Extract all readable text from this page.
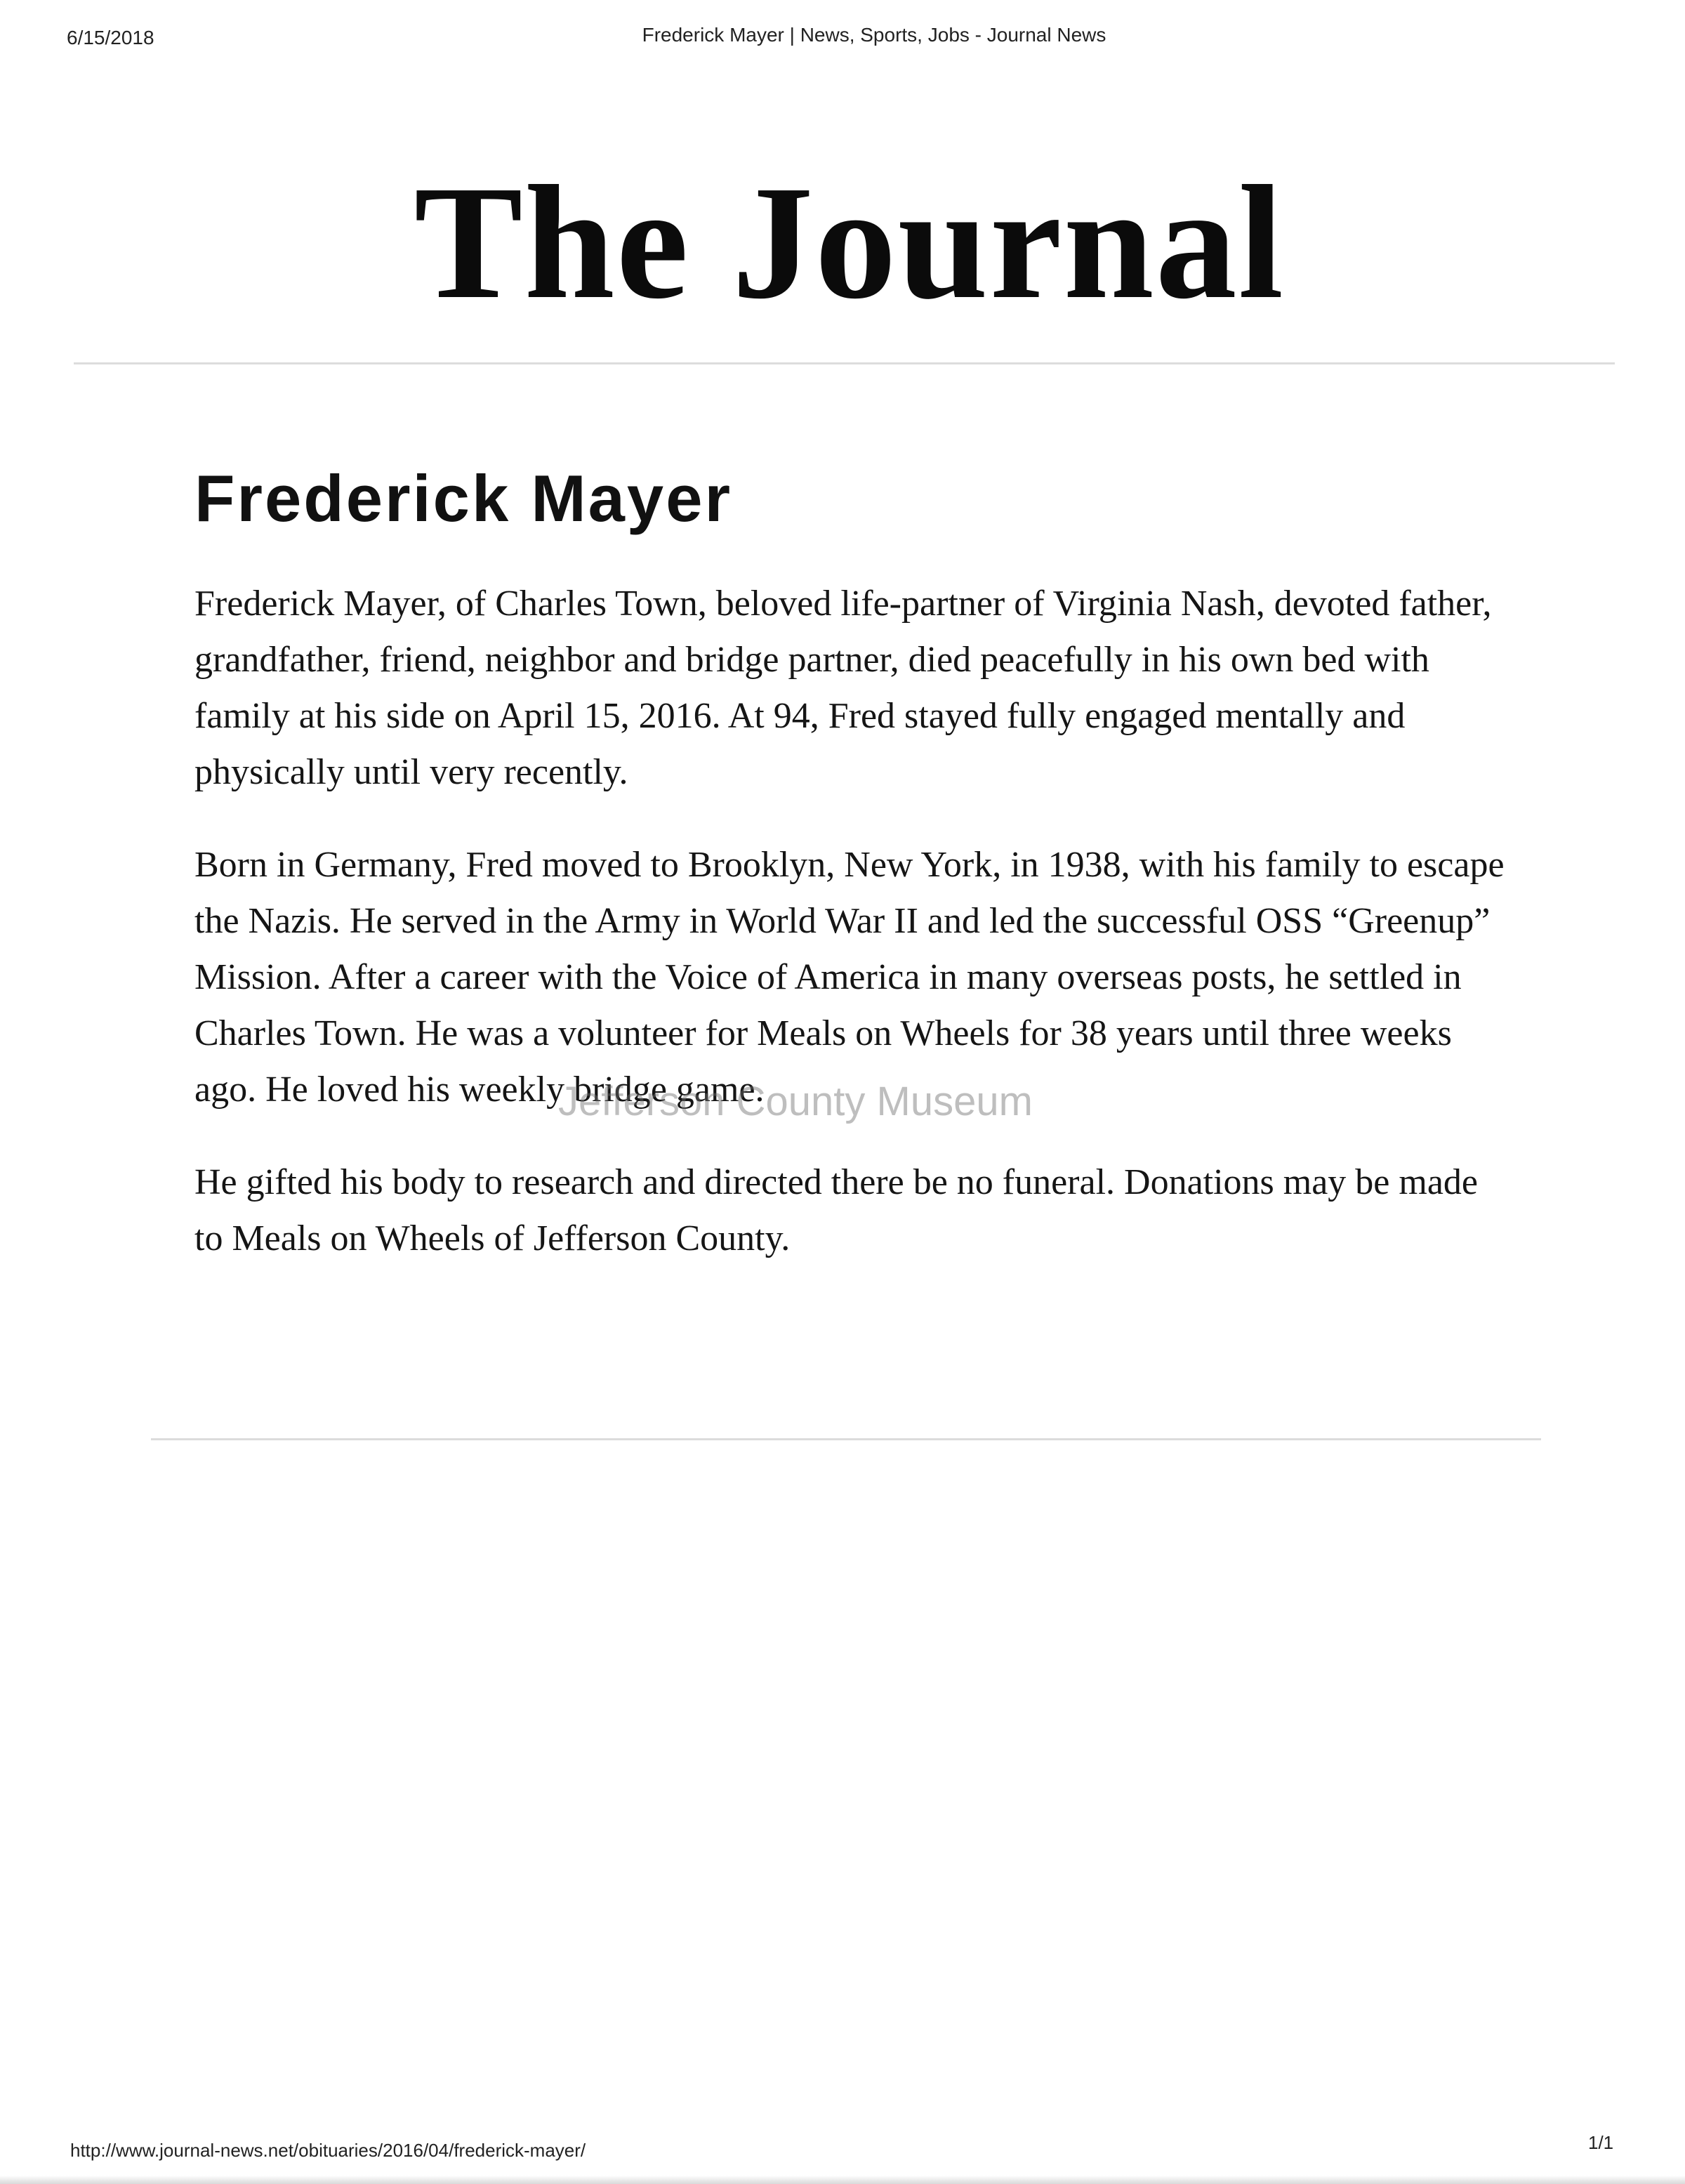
6/15/2018	Frederick Mayer | News, Sports, Jobs - Journal News
The Journal
Frederick Mayer

Frederick Mayer, of Charles Town, beloved life-partner of Virginia Nash, devoted father, grandfather, friend, neighbor and bridge partner, died peacefully in his own bed with family at his side on April 15, 2016. At 94, Fred stayed fully engaged mentally and physically until very recently.

Born in Germany, Fred moved to Brooklyn, New York, in 1938, with his family to escape the Nazis. He served in the Army in World War II and led the successful OSS “Greenup” Mission. After a career with the Voice of America in many overseas posts, he settled in Charles Town. He was a volunteer for Meals on Wheels for 38 years until three weeks ago. He loved his weekly bridge game.

He gifted his body to research and directed there be no funeral. Donations may be made to Meals on Wheels of Jefferson County.

Jefferson County Museum
http://www.journal-news.net/obituaries/2016/04/frederick-mayer/	1/1
